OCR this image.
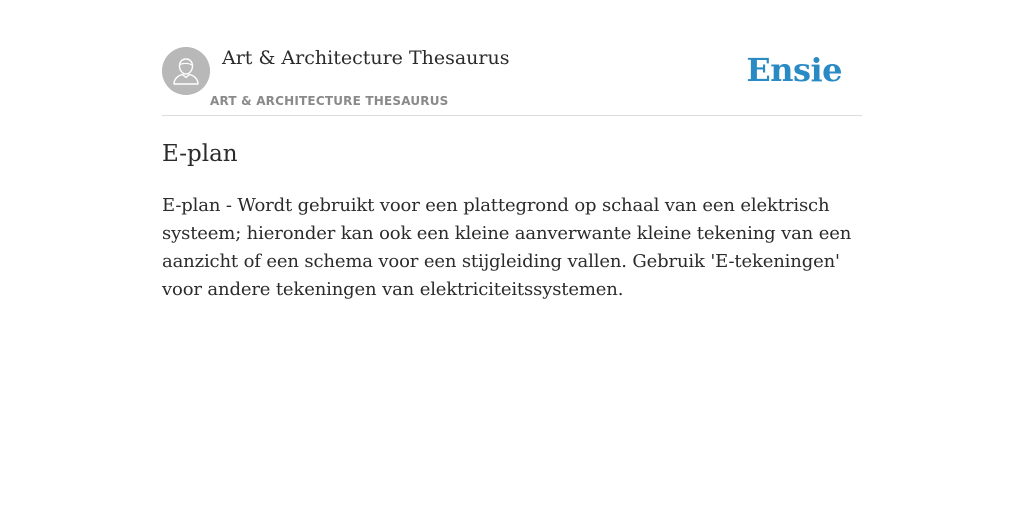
Art & Architecture Thesaurus
ART & ARCHITECTURE THESAURUS
Ensie
E-plan

E-plan - Wordt gebruikt voor een plattegrond op schaal van een elektrisch systeem; hieronder kan ook een kleine aanverwante kleine tekening van een aanzicht of een schema voor een stijgleiding vallen. Gebruik 'E-tekeningen' voor andere tekeningen van elektriciteitssystemen.
